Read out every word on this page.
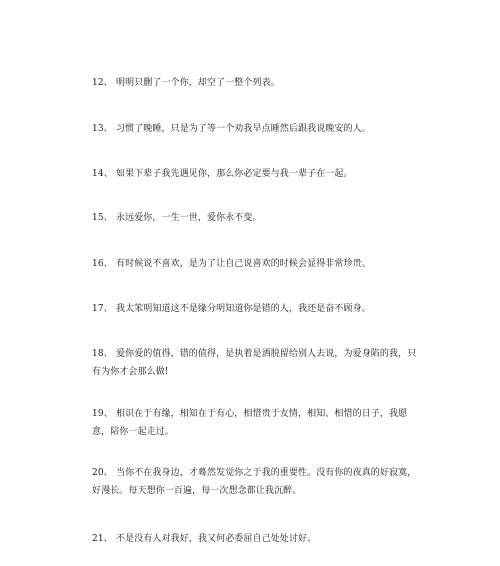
12、 明明只删了一个你，却空了一整个列表。
13、 习惯了晚睡，只是为了等一个劝我早点睡然后跟我说晚安的人。
14、 如果下辈子我先遇见你，那么你必定要与我一辈子在一起。
15、 永远爱你，一生一世，爱你永不变。
16、 有时候说不喜欢，是为了让自己说喜欢的时候会显得非常珍贵。
17、 我太笨明知道这不是缘分明知道你是错的人，我还是奋不顾身。
18、 爱你爱的值得，错的值得，是执着是洒脱留给别人去说，为爱身陷的我，只有为你才会那么做!
19、 相识在于有缘，相知在于有心，相惜贵于友情，相知、相惜的日子，我愿意，陪你一起走过。
20、 当你不在我身边，才蓦然发觉你之于我的重要性。没有你的夜真的好寂寞，好漫长。每天想你一百遍，每一次想念都让我沉醉。
21、 不是没有人对我好，我又何必委屈自己处处讨好。
